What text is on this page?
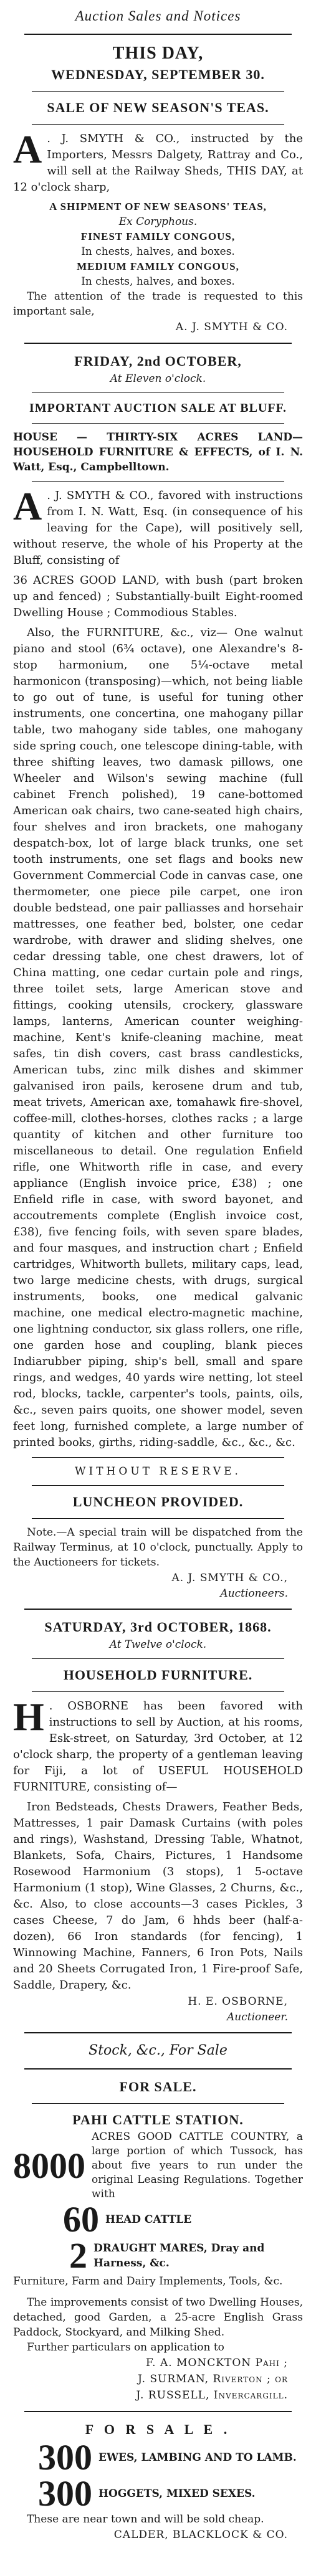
Auction Sales and Notices
THIS DAY,
WEDNESDAY, SEPTEMBER 30.
SALE OF NEW SEASON'S TEAS.

A . J. SMYTH & CO., instructed by the Importers, Messrs Dalgety, Rattray and Co., will sell at the Railway Sheds, THIS DAY, at 12 o'clock sharp,

A SHIPMENT OF NEW SEASONS' TEAS,
Ex Coryphous.
FINEST FAMILY CONGOUS,
In chests, halves, and boxes.
MEDIUM FAMILY CONGOUS,
In chests, halves, and boxes.

The attention of the trade is requested to this important sale,

A. J. SMYTH & CO.
FRIDAY, 2nd OCTOBER,
At Eleven o'clock.
IMPORTANT AUCTION SALE AT BLUFF.

HOUSE — THIRTY-SIX ACRES LAND— HOUSEHOLD FURNITURE & EFFECTS, of I. N. Watt, Esq., Campbelltown.

A . J. SMYTH & CO., favored with instructions from I. N. Watt, Esq. (in consequence of his leaving for the Cape), will positively sell, without reserve, the whole of his Property at the Bluff, consisting of

36 ACRES GOOD LAND, with bush (part broken up and fenced) ; Substantially-built Eight-roomed Dwelling House ; Commodious Stables.

Also, the FURNITURE, &c., viz— One walnut piano and stool (6¾ octave), one Alexandre's 8-stop harmonium, one 5¼-octave metal harmonicon (transposing)—which, not being liable to go out of tune, is useful for tuning other instruments, one concertina, one mahogany pillar table, two mahogany side tables, one mahogany side spring couch, one telescope dining-table, with three shifting leaves, two damask pillows, one Wheeler and Wilson's sewing machine (full cabinet French polished), 19 cane-bottomed American oak chairs, two cane-seated high chairs, four shelves and iron brackets, one mahogany despatch-box, lot of large black trunks, one set tooth instruments, one set flags and books new Government Commercial Code in canvas case, one thermometer, one piece pile carpet, one iron double bedstead, one pair palliasses and horsehair mattresses, one feather bed, bolster, one cedar wardrobe, with drawer and sliding shelves, one cedar dressing table, one chest drawers, lot of China matting, one cedar curtain pole and rings, three toilet sets, large American stove and fittings, cooking utensils, crockery, glassware lamps, lanterns, American counter weighing-machine, Kent's knife-cleaning machine, meat safes, tin dish covers, cast brass candlesticks, American tubs, zinc milk dishes and skimmer galvanised iron pails, kerosene drum and tub, meat trivets, American axe, tomahawk fire-shovel, coffee-mill, clothes-horses, clothes racks ; a large quantity of kitchen and other furniture too miscellaneous to detail. One regulation Enfield rifle, one Whitworth rifle in case, and every appliance (English invoice price, £38) ; one Enfield rifle in case, with sword bayonet, and accoutrements complete (English invoice cost, £38), five fencing foils, with seven spare blades, and four masques, and instruction chart ; Enfield cartridges, Whitworth bullets, military caps, lead, two large medicine chests, with drugs, surgical instruments, books, one medical galvanic machine, one medical electro-magnetic machine, one lightning conductor, six glass rollers, one rifle, one garden hose and coupling, blank pieces Indiarubber piping, ship's bell, small and spare rings, and wedges, 40 yards wire netting, lot steel rod, blocks, tackle, carpenter's tools, paints, oils, &c., seven pairs quoits, one shower model, seven feet long, furnished complete, a large number of printed books, girths, riding-saddle, &c., &c., &c.

WITHOUT RESERVE.
LUNCHEON PROVIDED.

Note.—A special train will be dispatched from the Railway Terminus, at 10 o'clock, punctually. Apply to the Auctioneers for tickets.

A. J. SMYTH & CO.,
Auctioneers.
SATURDAY, 3rd OCTOBER, 1868.
At Twelve o'clock.
HOUSEHOLD FURNITURE.

H . OSBORNE has been favored with instructions to sell by Auction, at his rooms, Esk-street, on Saturday, 3rd October, at 12 o'clock sharp, the property of a gentleman leaving for Fiji, a lot of USEFUL HOUSEHOLD FURNITURE, consisting of—

Iron Bedsteads, Chests Drawers, Feather Beds, Mattresses, 1 pair Damask Curtains (with poles and rings), Washstand, Dressing Table, Whatnot, Blankets, Sofa, Chairs, Pictures, 1 Handsome Rosewood Harmonium (3 stops), 1 5-octave Harmonium (1 stop), Wine Glasses, 2 Churns, &c., &c. Also, to close accounts—3 cases Pickles, 3 cases Cheese, 7 do Jam, 6 hhds beer (half-a-dozen), 66 Iron standards (for fencing), 1 Winnowing Machine, Fanners, 6 Iron Pots, Nails and 20 Sheets Corrugated Iron, 1 Fire-proof Safe, Saddle, Drapery, &c.

H. E. OSBORNE,
Auctioneer.
Stock, &c., For Sale
FOR SALE.
PAHI CATTLE STATION.
8000
ACRES GOOD CATTLE COUNTRY, a large portion of which Tussock, has about five years to run under the original Leasing Regulations. Together with
60 HEAD CATTLE
2 DRAUGHT MARES, Dray and Harness, &c.
Furniture, Farm and Dairy Implements, Tools, &c.

The improvements consist of two Dwelling Houses, detached, good Garden, a 25-acre English Grass Paddock, Stockyard, and Milking Shed.

Further particulars on application to
F. A. MONCKTON Pahi ;
J. SURMAN, Riverton ; or
J. RUSSELL, Invercargill.
F O R S A L E .
300 EWES, LAMBING AND TO LAMB.
300 HOGGETS, MIXED SEXES.
These are near town and will be sold cheap.
CALDER, BLACKLOCK & CO.
